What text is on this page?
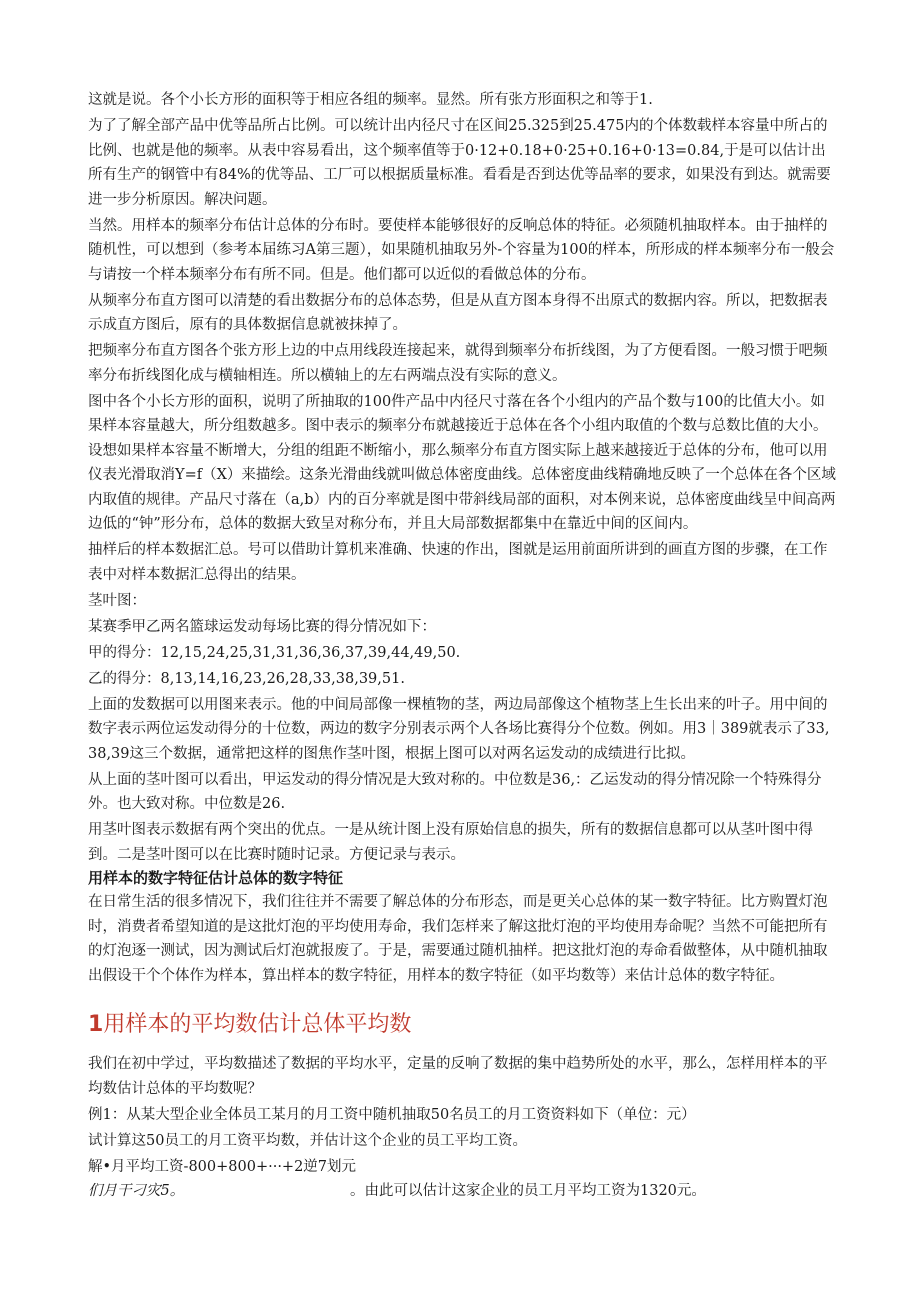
这就是说。各个小长方形的面积等于相应各组的频率。显然。所有张方形面积之和等于1.

为了了解全部产品中优等品所占比例。可以统计出内径尺寸在区间25.325到25.475内的个体数载样本容量中所占的比例、也就是他的频率。从表中容易看出，这个频率值等于0·12+0.18+0·25+0.16+0·13=0.84,于是可以估计出所有生产的钢管中有84%的优等品、工厂可以根据质量标准。看看是否到达优等品率的要求，如果没有到达。就需要进一步分析原因。解决问题。

当然。用样本的频率分布估计总体的分布时。要使样本能够很好的反响总体的特征。必须随机抽取样本。由于抽样的随机性，可以想到（参考本届练习A第三题），如果随机抽取另外-个容量为100的样本，所形成的样本频率分布一般会与请按一个样本频率分布有所不同。但是。他们都可以近似的看做总体的分布。

从频率分布直方图可以清楚的看出数据分布的总体态势，但是从直方图本身得不出原式的数据内容。所以，把数据表示成直方图后，原有的具体数据信息就被抹掉了。

把频率分布直方图各个张方形上边的中点用线段连接起来，就得到频率分布折线图，为了方便看图。一般习惯于吧频率分布折线图化成与横轴相连。所以横轴上的左右两端点没有实际的意义。

图中各个小长方形的面积，说明了所抽取的100件产品中内径尺寸落在各个小组内的产品个数与100的比值大小。如果样本容量越大，所分组数越多。图中表示的频率分布就越接近于总体在各个小组内取值的个数与总数比值的大小。设想如果样本容量不断增大，分组的组距不断缩小，那么频率分布直方图实际上越来越接近于总体的分布，他可以用仪表光滑取消Y=f（X）来描绘。这条光滑曲线就叫做总体密度曲线。总体密度曲线精确地反映了一个总体在各个区域内取值的规律。产品尺寸落在（a,b）内的百分率就是图中带斜线局部的面积，对本例来说，总体密度曲线呈中间高两边低的“钟”形分布，总体的数据大致呈对称分布，并且大局部数据都集中在靠近中间的区间内。

抽样后的样本数据汇总。号可以借助计算机来准确、快速的作出，图就是运用前面所讲到的画直方图的步骤，在工作表中对样本数据汇总得出的结果。

茎叶图：

某赛季甲乙两名篮球运发动每场比赛的得分情况如下：

甲的得分：12,15,24,25,31,31,36,36,37,39,44,49,50.

乙的得分：8,13,14,16,23,26,28,33,38,39,51.

上面的发数据可以用图来表示。他的中间局部像一棵植物的茎，两边局部像这个植物茎上生长出来的叶子。用中间的数字表示两位运发动得分的十位数，两边的数字分别表示两个人各场比赛得分个位数。例如。用3｜389就表示了33,38,39这三个数据，通常把这样的图焦作茎叶图，根据上图可以对两名运发动的成绩进行比拟。

从上面的茎叶图可以看出，甲运发动的得分情况是大致对称的。中位数是36,：乙运发动的得分情况除一个特殊得分外。也大致对称。中位数是26.

用茎叶图表示数据有两个突出的优点。一是从统计图上没有原始信息的损失，所有的数据信息都可以从茎叶图中得到。二是茎叶图可以在比赛时随时记录。方便记录与表示。

用样本的数字特征估计总体的数字特征

在日常生活的很多情况下，我们往往并不需要了解总体的分布形态，而是更关心总体的某一数字特征。比方购置灯泡时，消费者希望知道的是这批灯泡的平均使用寿命，我们怎样来了解这批灯泡的平均使用寿命呢？当然不可能把所有的灯泡逐一测试，因为测试后灯泡就报废了。于是，需要通过随机抽样。把这批灯泡的寿命看做整体，从中随机抽取出假设干个个体作为样本，算出样本的数字特征，用样本的数字特征（如平均数等）来估计总体的数字特征。

1用样本的平均数估计总体平均数

我们在初中学过，平均数描述了数据的平均水平，定量的反响了数据的集中趋势所处的水平，那么，怎样用样本的平均数估计总体的平均数呢？

例1：从某大型企业全体员工某月的月工资中随机抽取50名员工的月工资资料如下（单位：元）

试计算这50员工的月工资平均数，并估计这个企业的员工平均工资。

解•月平均工资-800+800+···+2逆7划元

们月干刁灾5。	。由此可以估计这家企业的员工月平均工资为1320元。
